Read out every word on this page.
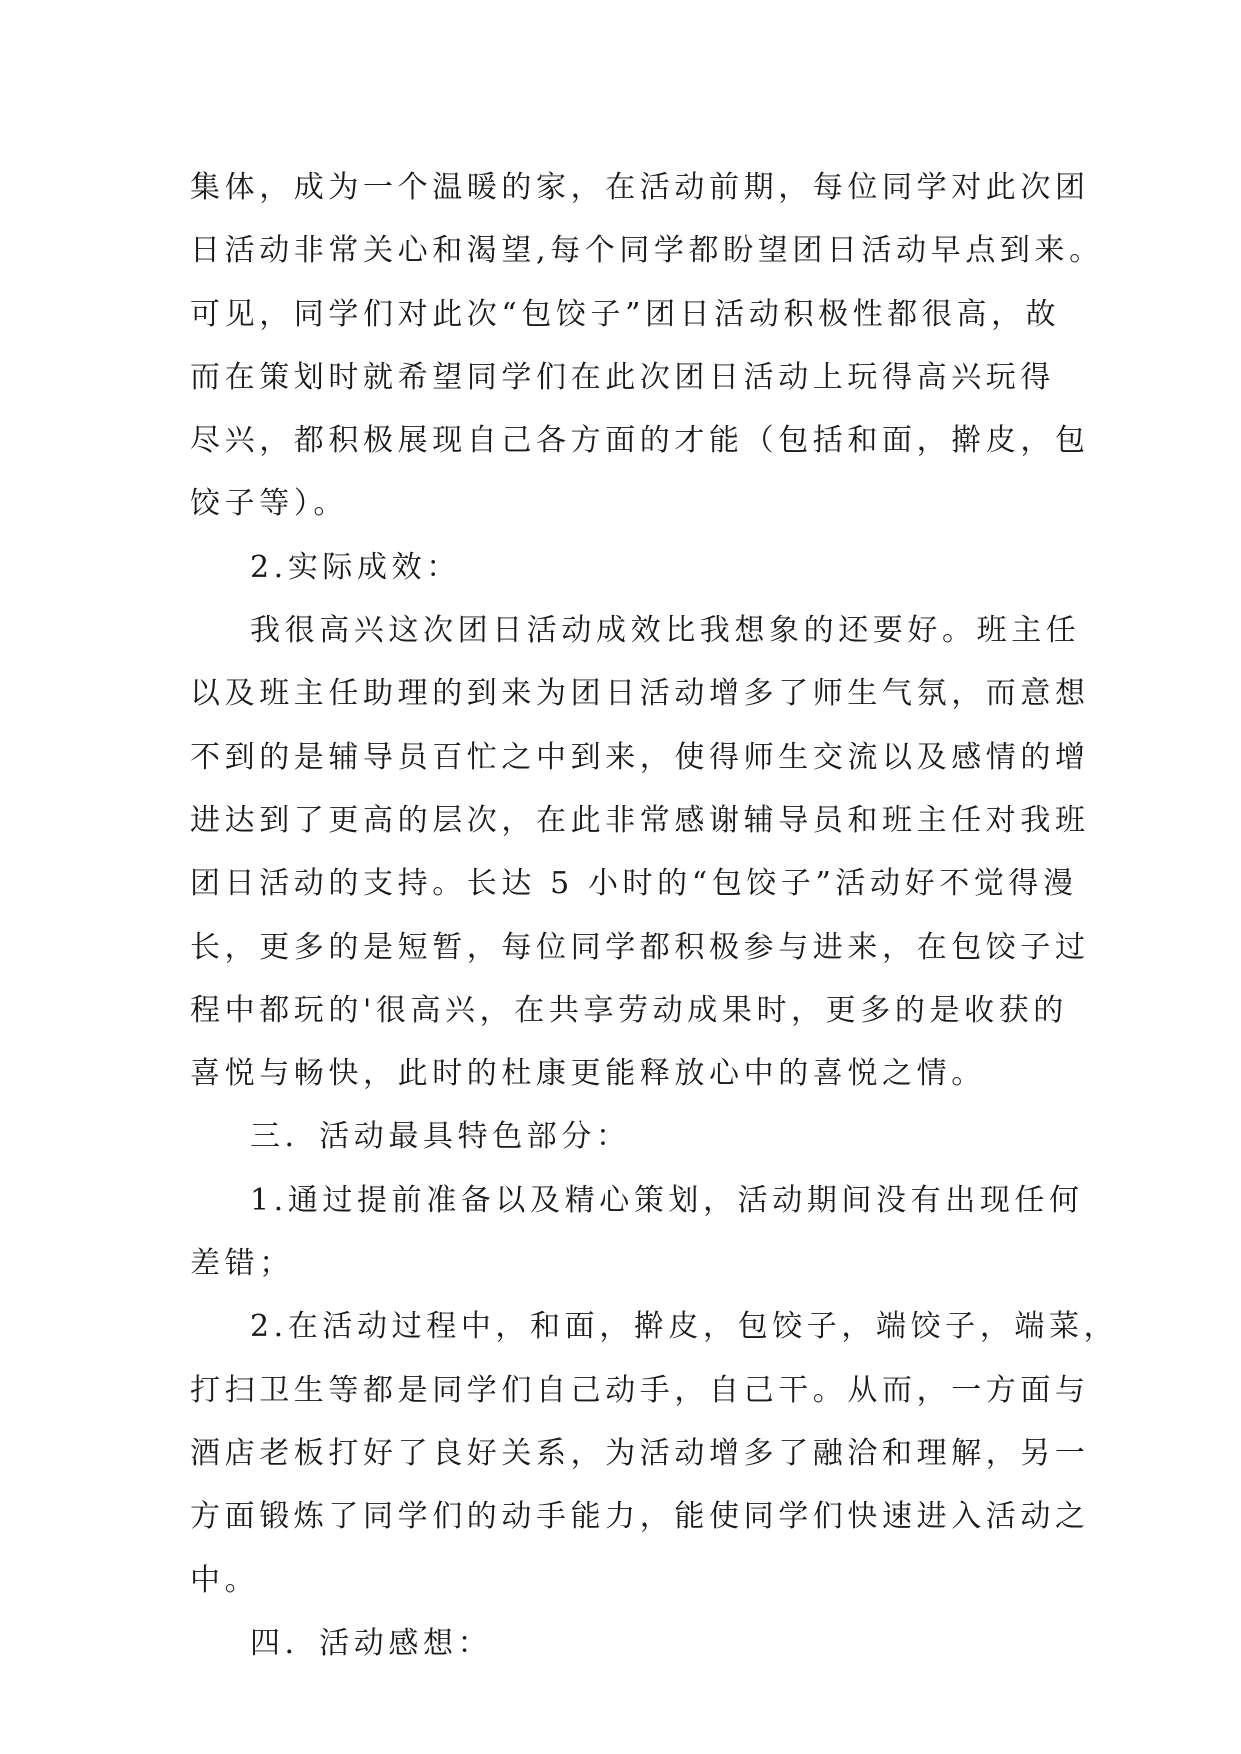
集体，成为一个温暖的家，在活动前期，每位同学对此次团
日活动非常关心和渴望,每个同学都盼望团日活动早点到来。
可见，同学们对此次“包饺子”团日活动积极性都很高，故
而在策划时就希望同学们在此次团日活动上玩得高兴玩得
尽兴，都积极展现自己各方面的才能（包括和面，擀皮，包
饺子等）。
2.实际成效：
我很高兴这次团日活动成效比我想象的还要好。班主任
以及班主任助理的到来为团日活动增多了师生气氛，而意想
不到的是辅导员百忙之中到来，使得师生交流以及感情的增
进达到了更高的层次，在此非常感谢辅导员和班主任对我班
团日活动的支持。长达 5 小时的“包饺子”活动好不觉得漫
长，更多的是短暂，每位同学都积极参与进来，在包饺子过
程中都玩的'很高兴，在共享劳动成果时，更多的是收获的
喜悦与畅快，此时的杜康更能释放心中的喜悦之情。
三．活动最具特色部分：
1.通过提前准备以及精心策划，活动期间没有出现任何
差错；
2.在活动过程中，和面，擀皮，包饺子，端饺子，端菜，
打扫卫生等都是同学们自己动手，自己干。从而，一方面与
酒店老板打好了良好关系，为活动增多了融洽和理解，另一
方面锻炼了同学们的动手能力，能使同学们快速进入活动之
中。
四．活动感想：
